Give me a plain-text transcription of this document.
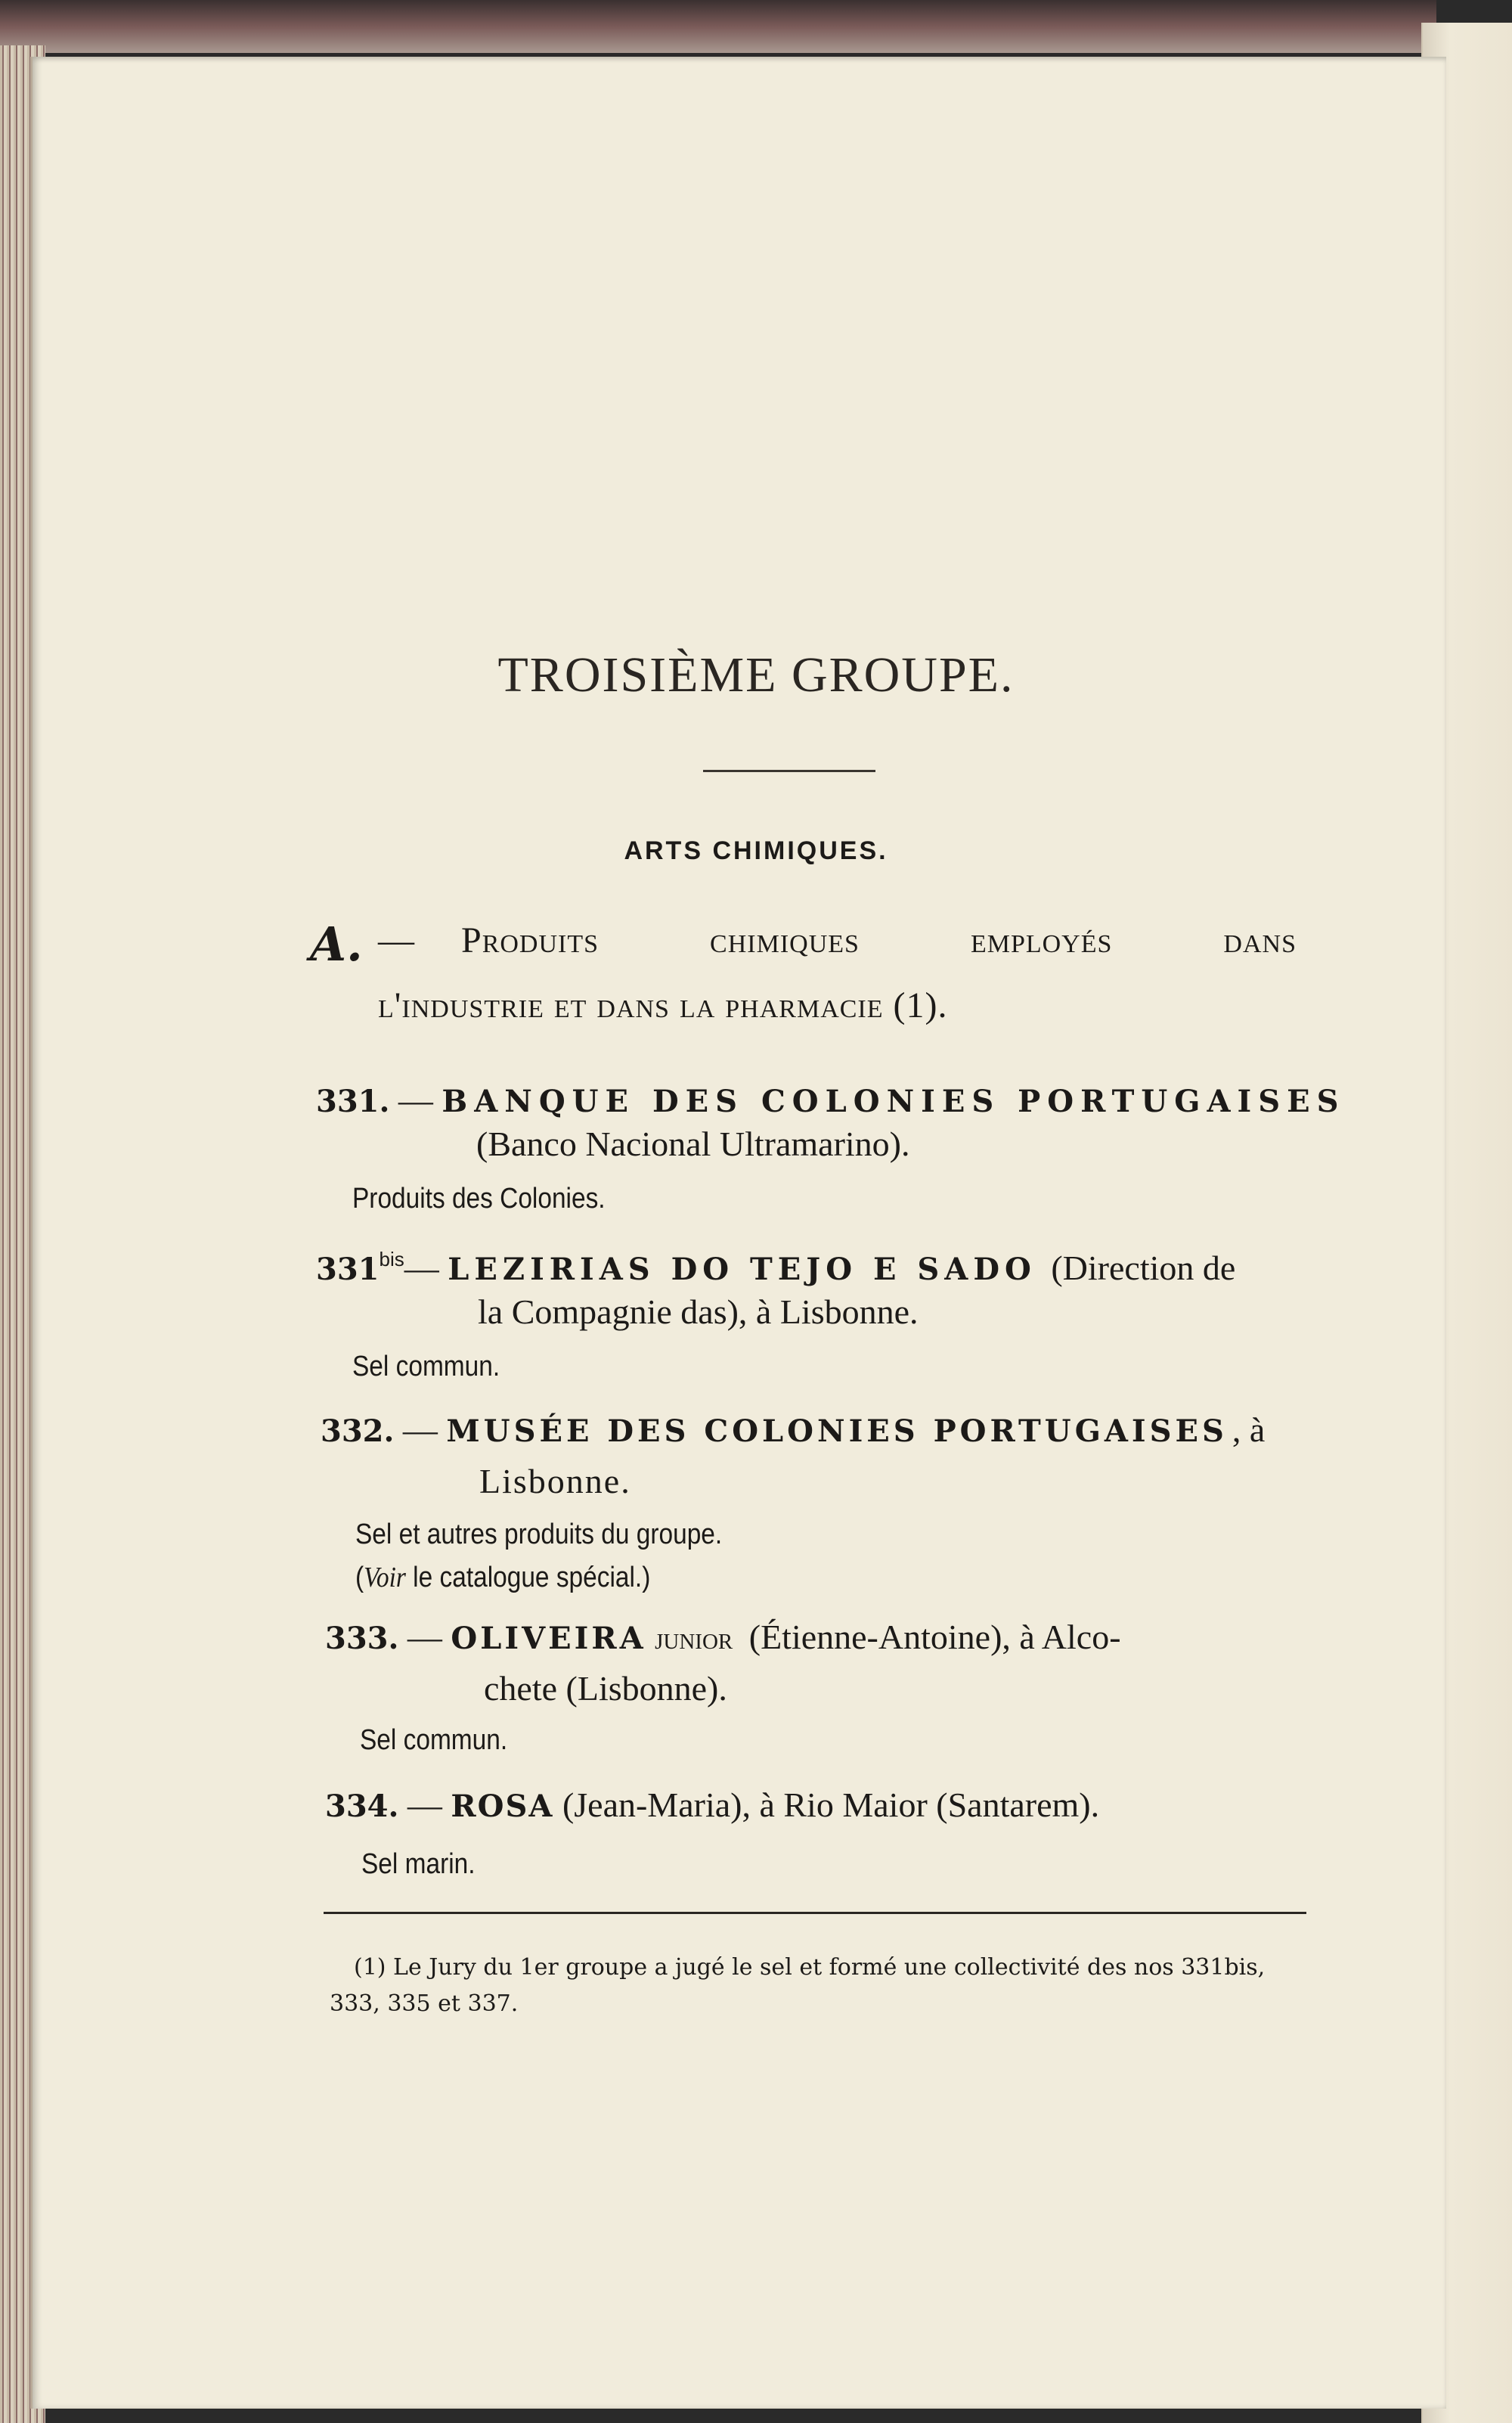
TROISIÈME GROUPE.
ARTS CHIMIQUES.
A. — Produits chimiques employés dans
l'industrie et dans la pharmacie (1).
331. — BANQUE DES COLONIES PORTUGAISES
(Banco Nacional Ultramarino).
Produits des Colonies.
$331^{bis}—$ LEZIRIAS DO TEJO E SADO (Direction de
la Compagnie das), à Lisbonne.
Sel commun.
332. — MUSÉE DES COLONIES PORTUGAISES , à
Lisbonne.
Sel et autres produits du groupe.
(Voir le catalogue spécial.)
333. — OLIVEIRA junior (Étienne-Antoine), à Alco-
chete (Lisbonne).
Sel commun.
334. — ROSA (Jean-Maria), à Rio Maior (Santarem).
Sel marin.
(1) Le Jury du 1er groupe a jugé le sel et formé une collectivité des nos 331bis,
333, 335 et 337.
